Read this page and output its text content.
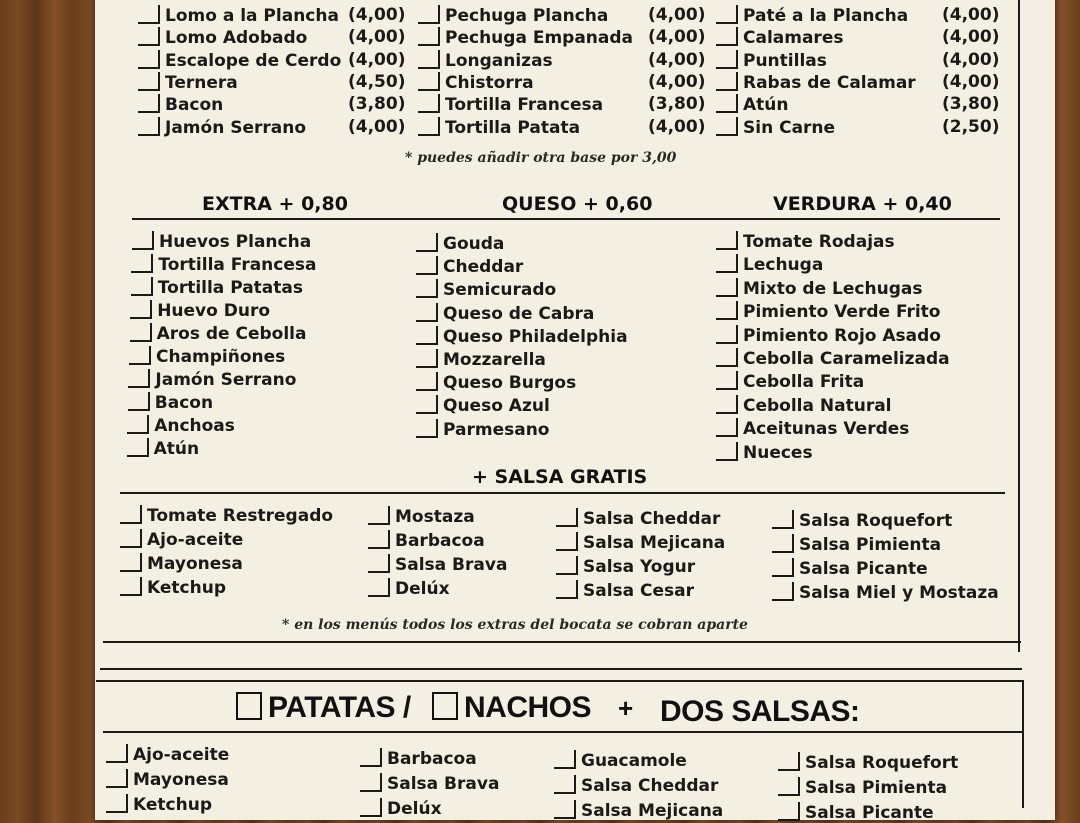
Lomo a la Plancha (4,00)
Lomo Adobado (4,00)
Escalope de Cerdo (4,00)
Ternera	(4,50)
Bacon	(3,80)
Jamón Serrano (4,00)
Pechuga Plancha (4,00)
Pechuga Empanada (4,00)
Longanizas	(4,00)
Chistorra	(4,00)
Tortilla Francesa	(3,80)
Tortilla Patata	(4,00)
Paté a la Plancha (4,00)
Calamares	(4,00)
Puntillas	(4,00)
Rabas de Calamar (4,00)
Atún	(3,80)
Sin Carne	(2,50)
* puedes añadir otra base por 3,00
EXTRA + 0,80	QUESO + 0,60	VERDURA + 0,40
Huevos Plancha
Tortilla Francesa
Tortilla Patatas
Huevo Duro
Aros de Cebolla
Champiñones
Jamón Serrano
Bacon
Anchoas
Atún
Gouda
Cheddar
Semicurado
Queso de Cabra
Queso Philadelphia
Mozzarella
Queso Burgos
Queso Azul
Parmesano
Tomate Rodajas
Lechuga
Mixto de Lechugas
Pimiento Verde Frito
Pimiento Rojo Asado
Cebolla Caramelizada
Cebolla Frita
Cebolla Natural
Aceitunas Verdes
Nueces
+ SALSA GRATIS
Tomate Restregado
Ajo-aceite
Mayonesa
Ketchup
Mostaza
Barbacoa
Salsa Brava
Delúx
Salsa Cheddar
Salsa Mejicana
Salsa Yogur
Salsa Cesar
Salsa Roquefort
Salsa Pimienta
Salsa Picante
Salsa Miel y Mostaza
* en los menús todos los extras del bocata se cobran aparte
PATATAS /	NACHOS + DOS SALSAS:
Ajo-aceite
Mayonesa
Ketchup
Barbacoa
Salsa Brava
Delúx
Guacamole
Salsa Cheddar
Salsa Mejicana
Salsa Roquefort
Salsa Pimienta
Salsa Picante
